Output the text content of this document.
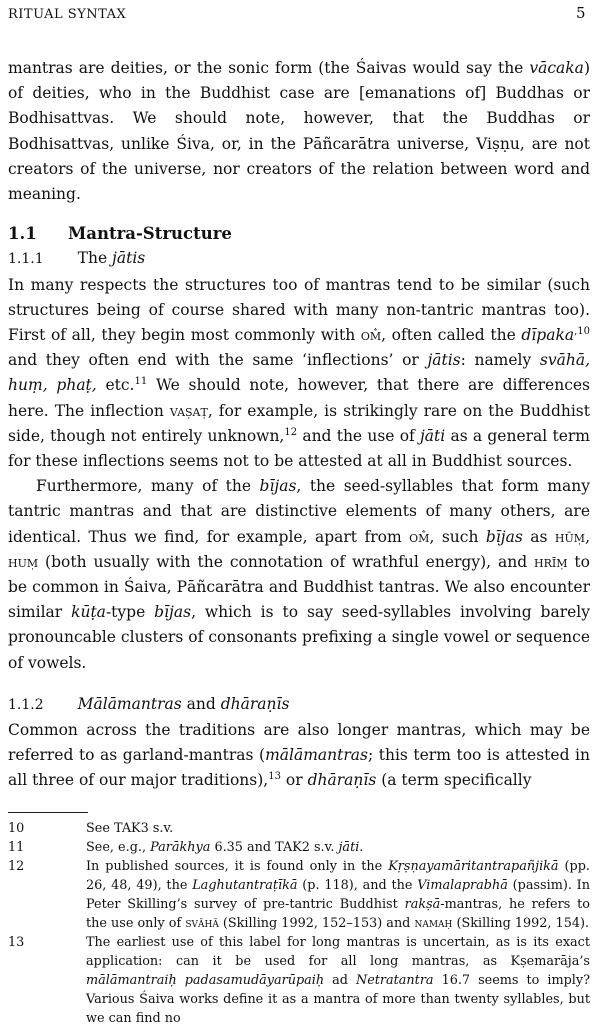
RITUAL SYNTAX	5

mantras are deities, or the sonic form (the Śaivas would say the vācaka) of deities, who in the Buddhist case are [emanations of] Buddhas or Bodhisattvas. We should note, however, that the Buddhas or Bodhisattvas, unlike Śiva, or, in the Pāñcarātra universe, Viṣṇu, are not creators of the universe, nor creators of the relation between word and meaning.

1.1 Mantra-Structure
1.1.1 The jātis

In many respects the structures too of mantras tend to be similar (such structures being of course shared with many non-tantric mantras too). First of all, they begin most commonly with om̐, often called the dīpaka$^{,10}$ and they often end with the same ‘inflections’ or jātis: namely svāhā, huṃ, phaṭ, etc.$^{11}$ We should note, however, that there are differences here. The inflection vaṣaṭ, for example, is strikingly rare on the Buddhist side, though not entirely unknown,$^{12}$ and the use of jāti as a general term for these inflections seems not to be attested at all in Buddhist sources.

Furthermore, many of the bījas, the seed-syllables that form many tantric mantras and that are distinctive elements of many others, are identical. Thus we find, for example, apart from om̐, such bījas as hūṃ, huṃ (both usually with the connotation of wrathful energy), and hrīṃ to be common in Śaiva, Pāñcarātra and Buddhist tantras. We also encounter similar kūṭa-type bījas, which is to say seed-syllables involving barely pronouncable clusters of consonants prefixing a single vowel or sequence of vowels.

1.1.2 Mālāmantras and dhāraṇīs

Common across the traditions are also longer mantras, which may be referred to as garland-mantras (mālāmantras; this term too is attested in all three of our major traditions),$^{13}$ or dhāraṇīs (a term specifically

10	See TAK3 s.v.
11	See, e.g., Parākhya 6.35 and TAK2 s.v. jāti.
12	In published sources, it is found only in the Kṛṣṇayamāritantrapañjikā (pp. 26, 48, 49), the Laghutantraṭīkā (p. 118), and the Vimalaprabhā (passim). In Peter Skilling’s survey of pre-tantric Buddhist rakṣā-mantras, he refers to the use only of svāhā (Skilling 1992, 152–153) and namaḥ (Skilling 1992, 154).
13	The earliest use of this label for long mantras is uncertain, as is its exact application: can it be used for all long mantras, as Kṣemarāja’s mālāmantraiḥ padasamudāyarūpaiḥ ad Netratantra 16.7 seems to imply? Various Śaiva works define it as a mantra of more than twenty syllables, but we can find no
